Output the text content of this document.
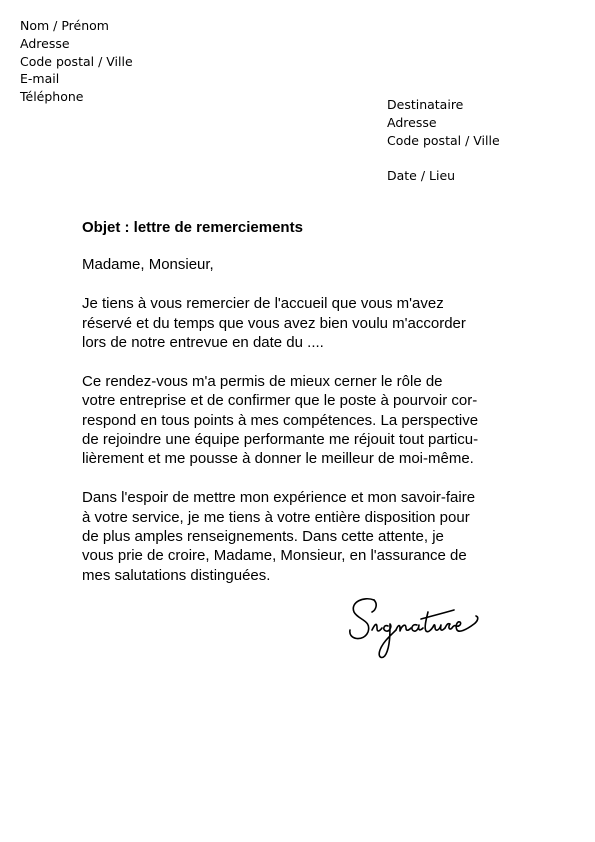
Nom / Prénom
Adresse
Code postal / Ville
E-mail
Téléphone
Destinataire
Adresse
Code postal / Ville
Date / Lieu

Objet : lettre de remerciements

Madame, Monsieur,

Je tiens à vous remercier de l'accueil que vous m'avez
réservé et du temps que vous avez bien voulu m'accorder
lors de notre entrevue en date du ....

Ce rendez-vous m'a permis de mieux cerner le rôle de
votre entreprise et de confirmer que le poste à pourvoir cor-
respond en tous points à mes compétences. La perspective
de rejoindre une équipe performante me réjouit tout particu-
lièrement et me pousse à donner le meilleur de moi-même.

Dans l'espoir de mettre mon expérience et mon savoir-faire
à votre service, je me tiens à votre entière disposition pour
de plus amples renseignements. Dans cette attente, je
vous prie de croire, Madame, Monsieur, en l'assurance de
mes salutations distinguées.
